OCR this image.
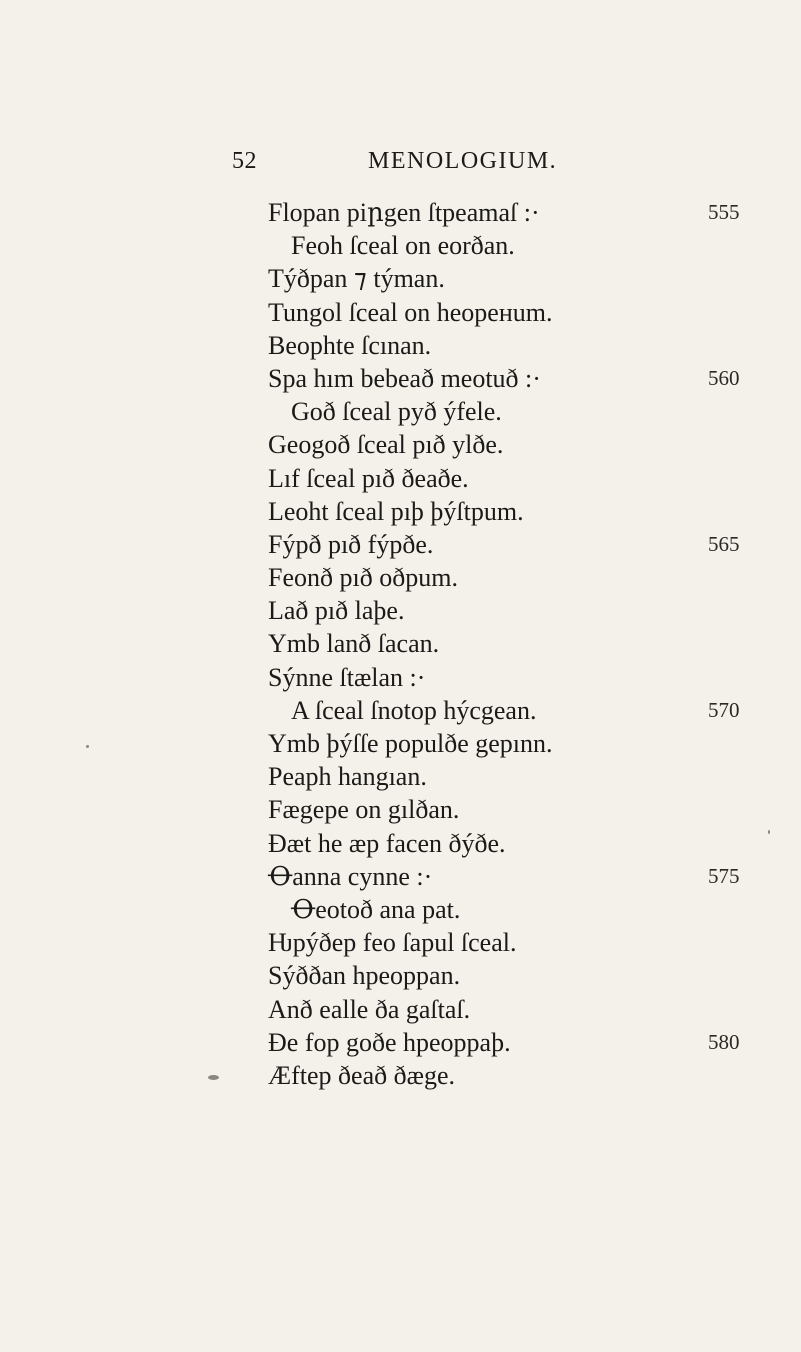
52	MENOLOGIUM.
Flopan piրgen ſtpeamaſ :·	555
Feoh ſceal on eorðan.
Týðpan ⁊ týman.
Tungol ſceal on heoренum.
Beophte ſcınan.
Spa hım bebeað meotuð :·	560
Goð ſceal pyð ýfele.
Geogoð ſceal pıð ylðe.
Lıf ſceal pıð ðeaðe.
Leoht ſceal pıþ þýſtpum.
Fýpð pıð fýpðe.	565
Feonð pıð oðpum.
Lað pıð laþe.
Ymb lanð ſacan.
Sýnne ſtælan :·
A ſceal ſnotop hýcgean.	570
Ymb þýſſe populðe gepınn.
Peaph hangıan.
Fægepe on gılðan.
Ðæt he æp facen ðýðe.
Ꝋanna cynne :·	575
Ꝋeotoð ana pat.
Ƕpýðep feo ſapul ſceal.
Sýððan hpeoppan.
Anð ealle ða gaſtaſ.
Ðe fop goðe hpeoppaþ.	580
Æftep ðeað ðæge.
